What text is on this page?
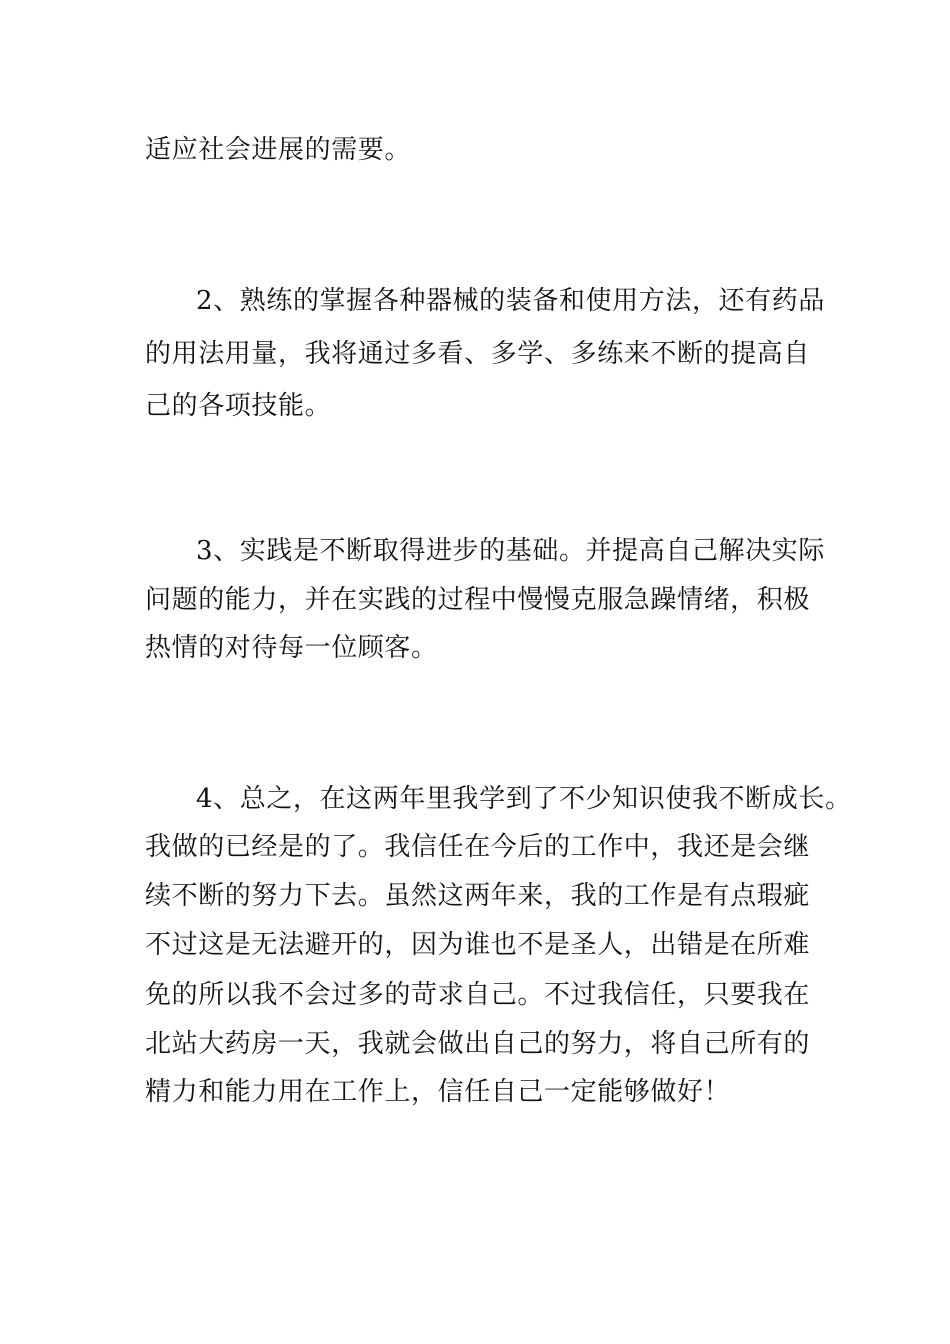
适应社会进展的需要。
2、熟练的掌握各种器械的装备和使用方法，还有药品
的用法用量，我将通过多看、多学、多练来不断的提高自
己的各项技能。
3、实践是不断取得进步的基础。并提高自己解决实际
问题的能力，并在实践的过程中慢慢克服急躁情绪，积极
热情的对待每一位顾客。
4、总之，在这两年里我学到了不少知识使我不断成长。
我做的已经是的了。我信任在今后的工作中，我还是会继
续不断的努力下去。虽然这两年来，我的工作是有点瑕疵
不过这是无法避开的，因为谁也不是圣人，出错是在所难
免的所以我不会过多的苛求自己。不过我信任，只要我在
北站大药房一天，我就会做出自己的努力，将自己所有的
精力和能力用在工作上，信任自己一定能够做好！
